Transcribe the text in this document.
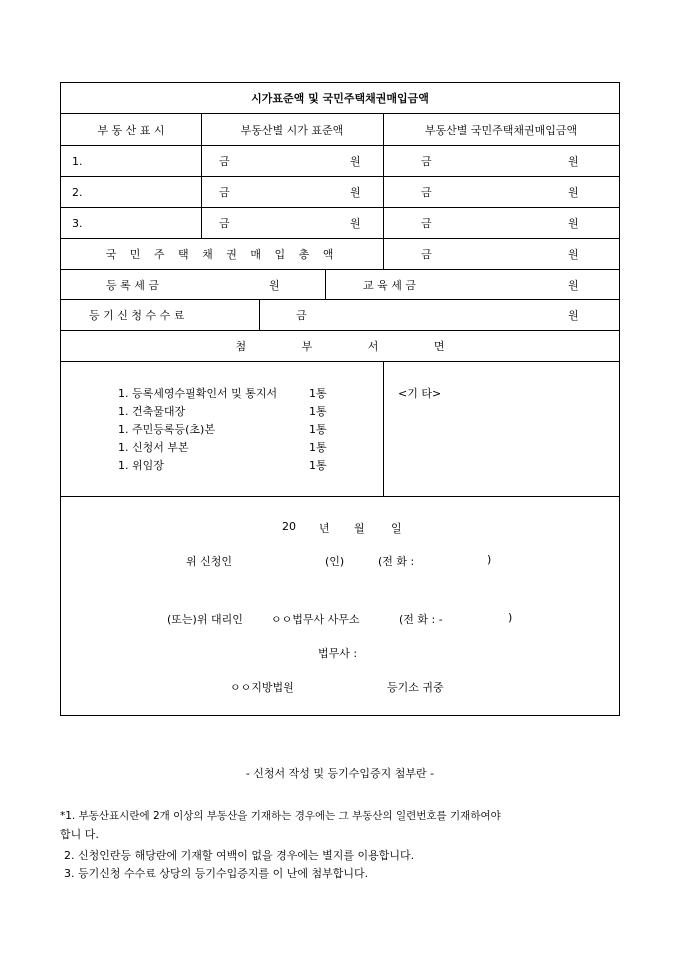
시가표준액 및 국민주택채권매입금액
부 동 산 표 시	부동산별 시가 표준액	부동산별 국민주택채권매입금액
1.	금	원	금	원
2.	금	원	금	원
3.	금	원	금	원
국 민 주 택 채 권 매 입 총 액	금	원
등 록 세 금	원	교 육 세 금	원
등 기 신 청 수 수 료	금	원
첨 부 서 면
1. 등록세영수필확인서 및 통지서	1통
1. 건축물대장	1통
1. 주민등록등(초)본	1통
1. 신청서 부본	1통
1. 위임장	1통
<기 타>
20 년 월 일
위 신청인	(인)	(전 화 :	)
(또는)위 대리인	ㅇㅇ법무사 사무소	(전 화 : -	)
법무사 :
ㅇㅇ지방법원	등기소 귀중
- 신청서 작성 및 등기수입증지 첨부란 -
*1. 부동산표시란에 2개 이상의 부동산을 기재하는 경우에는 그 부동산의 일련번호를 기재하여야
합니 다.
2. 신청인란등 해당란에 기재할 여백이 없을 경우에는 별지를 이용합니다.
3. 등기신청 수수료 상당의 등기수입증지를 이 난에 첨부합니다.
